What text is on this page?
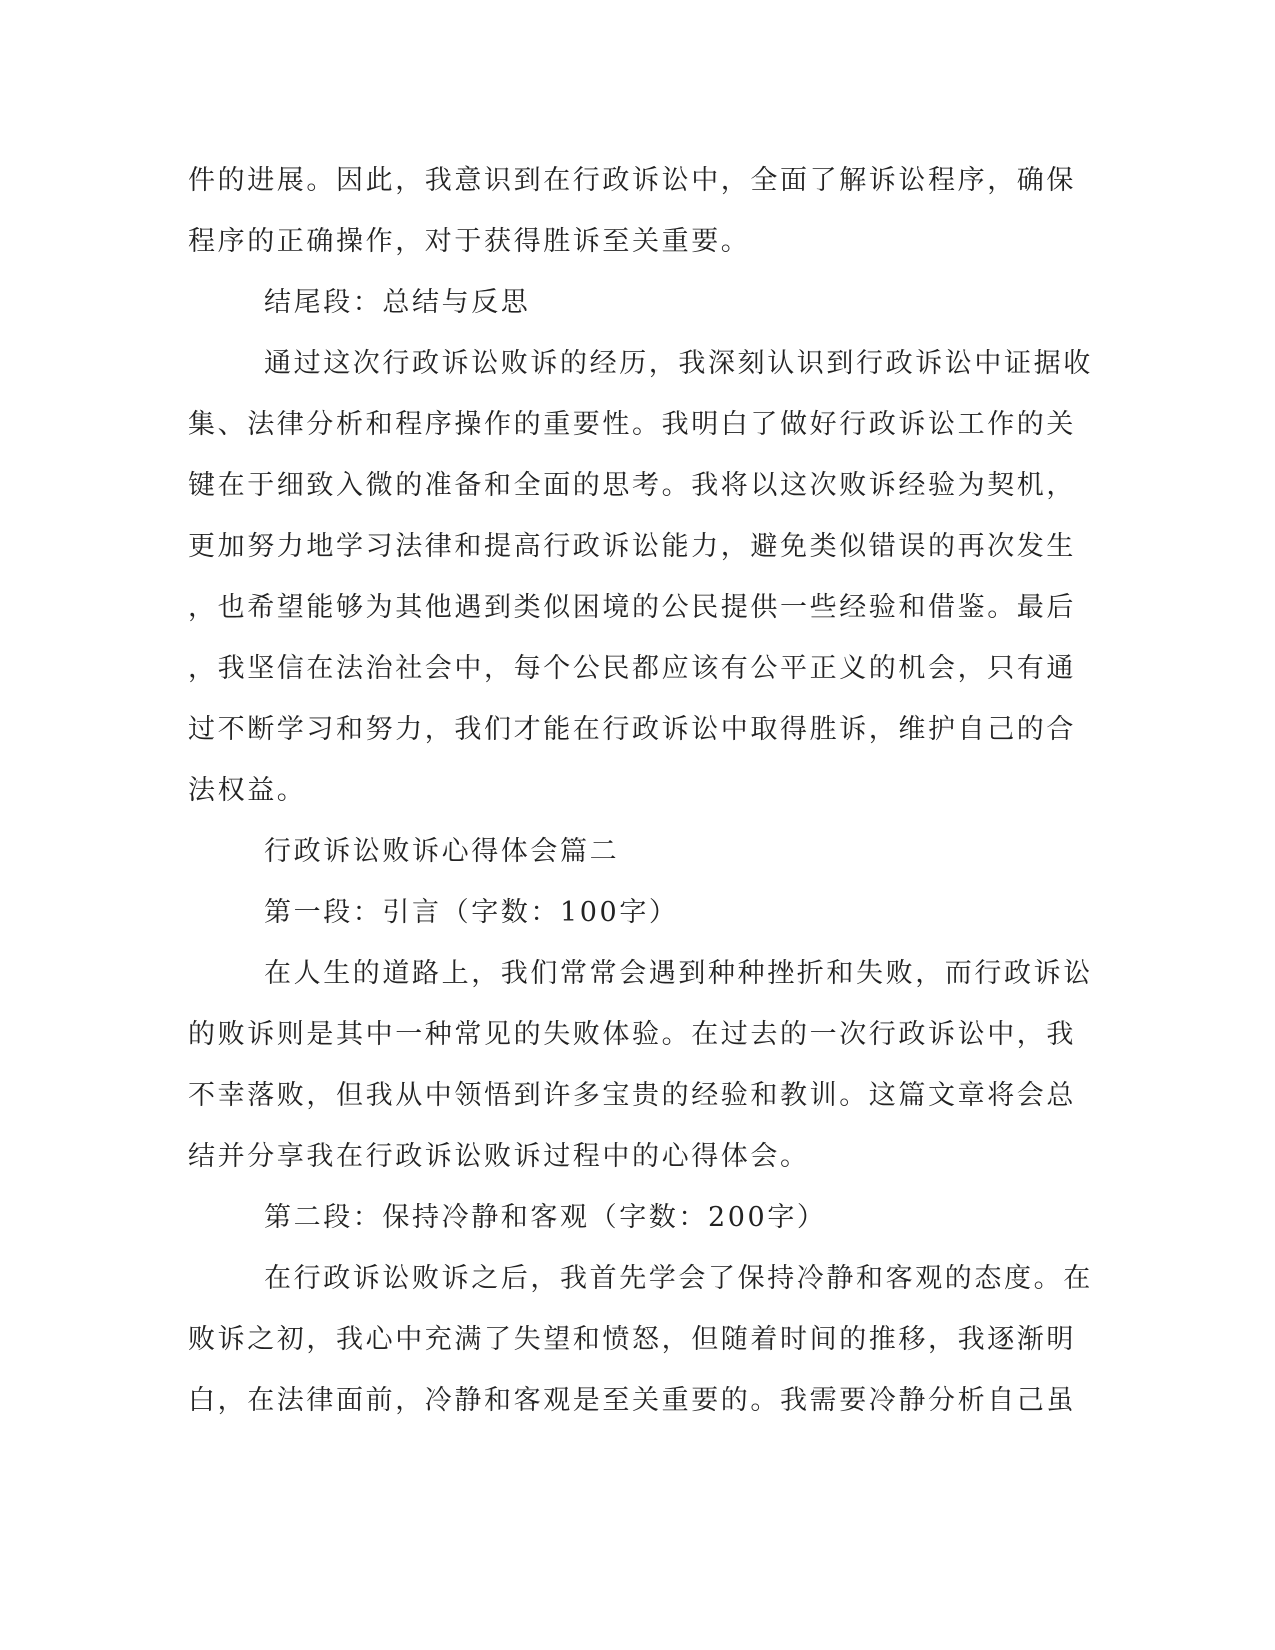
件的进展。因此，我意识到在行政诉讼中，全面了解诉讼程序，确保
程序的正确操作，对于获得胜诉至关重要。
结尾段：总结与反思
通过这次行政诉讼败诉的经历，我深刻认识到行政诉讼中证据收
集、法律分析和程序操作的重要性。我明白了做好行政诉讼工作的关
键在于细致入微的准备和全面的思考。我将以这次败诉经验为契机，
更加努力地学习法律和提高行政诉讼能力，避免类似错误的再次发生
，也希望能够为其他遇到类似困境的公民提供一些经验和借鉴。最后
，我坚信在法治社会中，每个公民都应该有公平正义的机会，只有通
过不断学习和努力，我们才能在行政诉讼中取得胜诉，维护自己的合
法权益。
行政诉讼败诉心得体会篇二
第一段：引言（字数：100字）
在人生的道路上，我们常常会遇到种种挫折和失败，而行政诉讼
的败诉则是其中一种常见的失败体验。在过去的一次行政诉讼中，我
不幸落败，但我从中领悟到许多宝贵的经验和教训。这篇文章将会总
结并分享我在行政诉讼败诉过程中的心得体会。
第二段：保持冷静和客观（字数：200字）
在行政诉讼败诉之后，我首先学会了保持冷静和客观的态度。在
败诉之初，我心中充满了失望和愤怒，但随着时间的推移，我逐渐明
白，在法律面前，冷静和客观是至关重要的。我需要冷静分析自己虽
